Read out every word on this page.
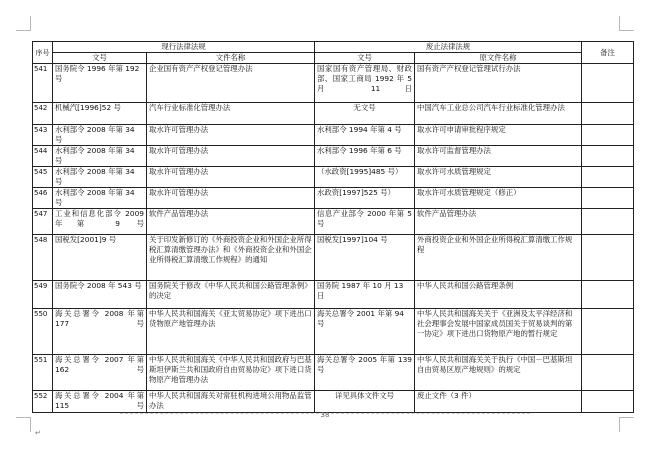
序号	现行法律法规		废止法律法规		备注
	文号	文件名称	文号	原文件名称	
541	国务院令 1996 年第 192 号	企业国有资产产权登记管理办法	国家国有资产管理局、财政部、国家工商局 1992 年 5 月 11 日	国有资产产权登记管理试行办法	
542	机械汽[1996]52 号	汽车行业标准化管理办法	无文号	中国汽车工业总公司汽车行业标准化管理办法	
543	水利部令 2008 年第 34 号	取水许可管理办法	水利部令 1994 年第 4 号	取水许可申请审批程序规定	
544	水利部令 2008 年第 34 号	取水许可管理办法	水利部令 1996 年第 6 号	取水许可监督管理办法	
545	水利部令 2008 年第 34 号	取水许可管理办法	（水政资[1995]485 号）	取水许可水质管理规定	
546	水利部令 2008 年第 34 号	取水许可管理办法	水政资[1997]525 号）	取水许可水质管理规定（修正）	
547	工业和信息化部令 2009 年第 9 号	软件产品管理办法	信息产业部令 2000 年第 5 号	软件产品管理办法	
548	国税发[2001]9 号	关于印发新修订的《外商投资企业和外国企业所得税汇算清缴管理办法》和《外商投资企业和外国企业所得税汇算清缴工作规程》的通知	国税发[1997]104 号	外商投资企业和外国企业所得税汇算清缴工作规程	
549	国务院令 2008 年 543 号	国务院关于修改《中华人民共和国公路管理条例》的决定	国务院 1987 年 10 月 13 日	中华人民共和国公路管理条例	
550	海关总署令 2008 年第 177 号	中华人民共和国海关《亚太贸易协定》项下进出口货物原产地管理办法	海关总署令 2001 年第 94 号	中华人民共和国海关关于《亚洲及太平洋经济和社会理事会发展中国家成员国关于贸易谈判的第一协定》项下进出口货物原产地的暂行规定	
551	海关总署令 2007 年第 162 号	中华人民共和国海关《中华人民共和国政府与巴基斯坦伊斯兰共和国政府自由贸易协定》项下进口货物原产地管理办法	海关总署令 2005 年第 139 号	中华人民共和国海关关于执行《中国－巴基斯坦自由贸易区原产地规则》的规定	
552	海关总署令 2004 年第 115 号	中华人民共和国海关对常驻机构进境公用物品监管办法	详见具体文件文号	废止文件（3 件）	
38
↵
